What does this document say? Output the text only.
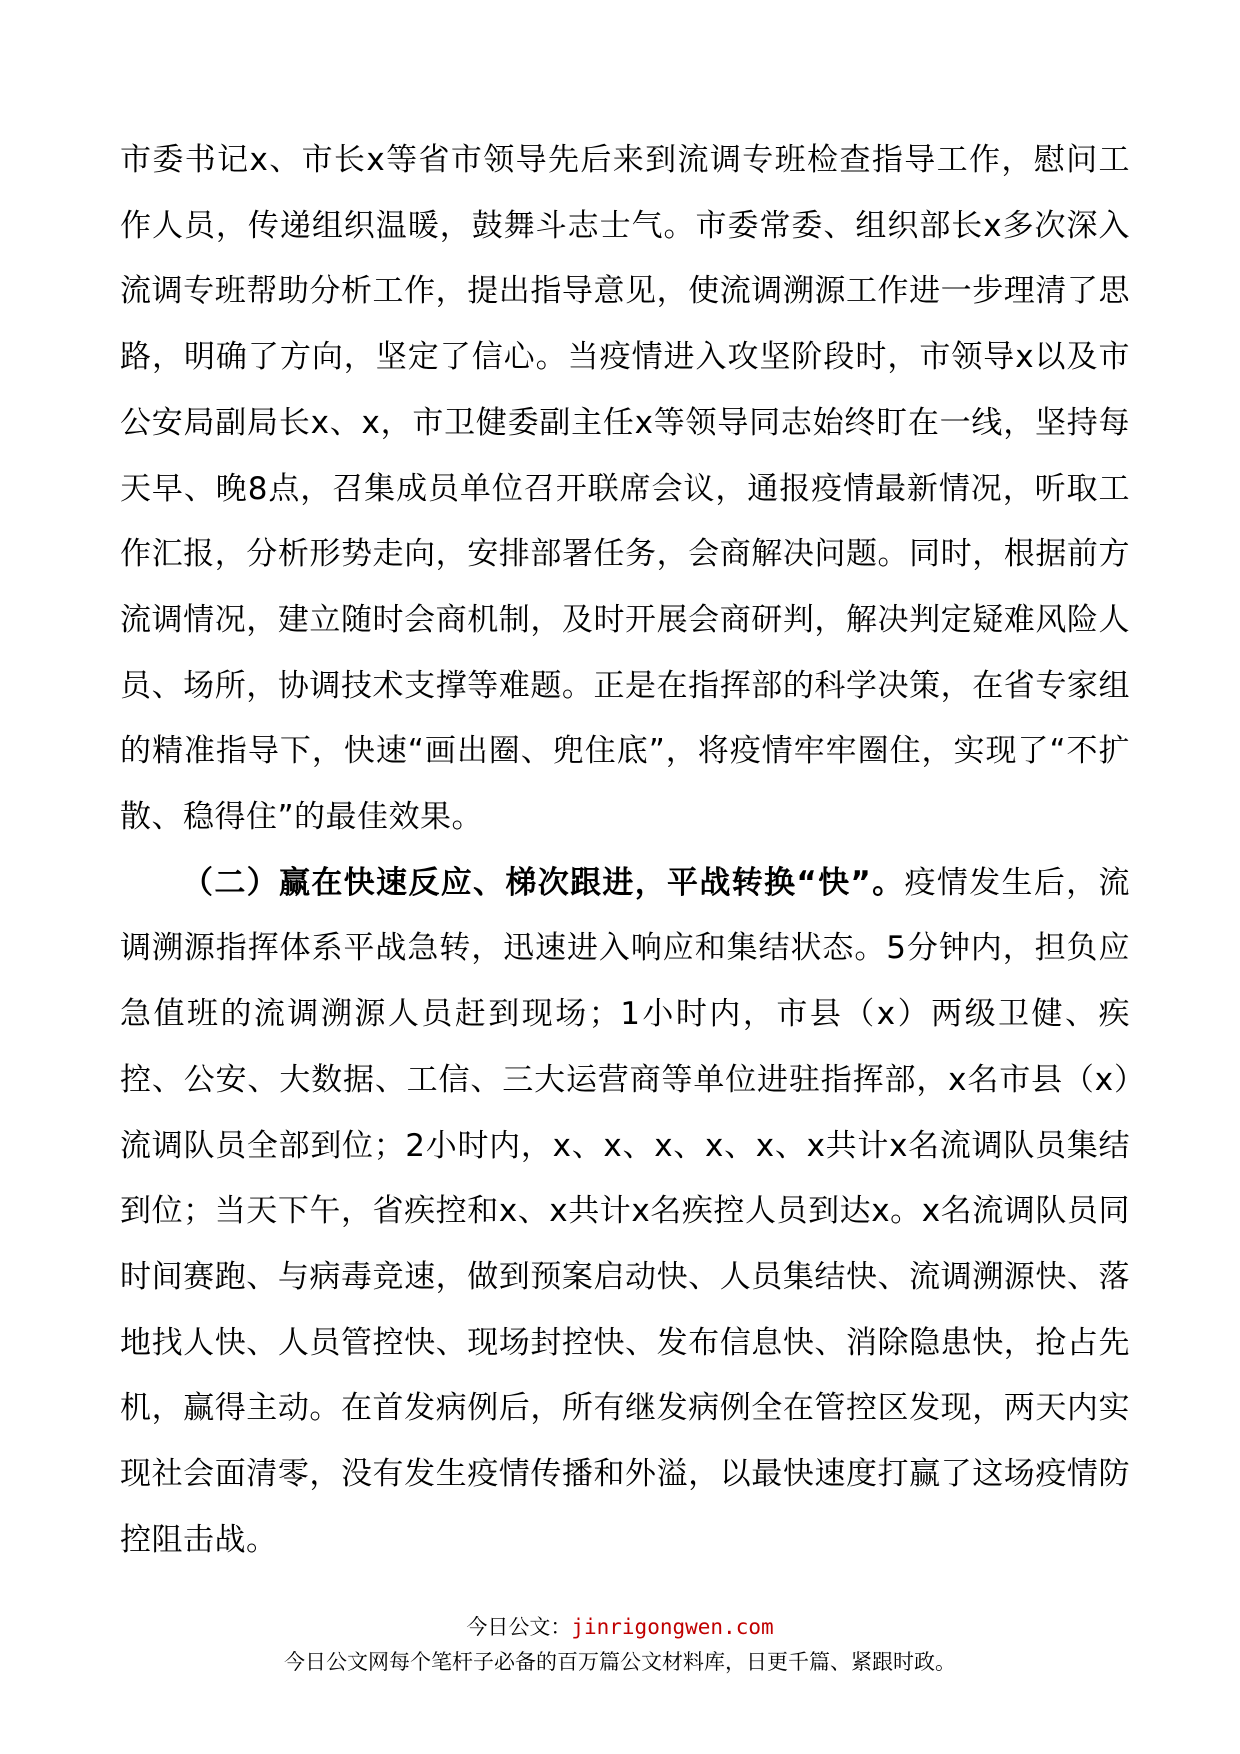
市委书记x、市长x等省市领导先后来到流调专班检查指导工作，慰问工作人员，传递组织温暖，鼓舞斗志士气。市委常委、组织部长x多次深入流调专班帮助分析工作，提出指导意见，使流调溯源工作进一步理清了思路，明确了方向，坚定了信心。当疫情进入攻坚阶段时，市领导x以及市公安局副局长x、x，市卫健委副主任x等领导同志始终盯在一线，坚持每天早、晚8点，召集成员单位召开联席会议，通报疫情最新情况，听取工作汇报，分析形势走向，安排部署任务，会商解决问题。同时，根据前方流调情况，建立随时会商机制，及时开展会商研判，解决判定疑难风险人员、场所，协调技术支撑等难题。正是在指挥部的科学决策，在省专家组的精准指导下，快速“画出圈、兜住底”，将疫情牢牢圈住，实现了“不扩散、稳得住”的最佳效果。

（二）赢在快速反应、梯次跟进，平战转换“快”。疫情发生后，流调溯源指挥体系平战急转，迅速进入响应和集结状态。5分钟内，担负应急值班的流调溯源人员赶到现场；1小时内，市县（x）两级卫健、疾控、公安、大数据、工信、三大运营商等单位进驻指挥部，x名市县（x）流调队员全部到位；2小时内，x、x、x、x、x、x共计x名流调队员集结到位；当天下午，省疾控和x、x共计x名疾控人员到达x。x名流调队员同时间赛跑、与病毒竞速，做到预案启动快、人员集结快、流调溯源快、落地找人快、人员管控快、现场封控快、发布信息快、消除隐患快，抢占先机，赢得主动。在首发病例后，所有继发病例全在管控区发现，两天内实现社会面清零，没有发生疫情传播和外溢，以最快速度打赢了这场疫情防控阻击战。

今日公文：jinrigongwen.com
今日公文网每个笔杆子必备的百万篇公文材料库，日更千篇、紧跟时政。
